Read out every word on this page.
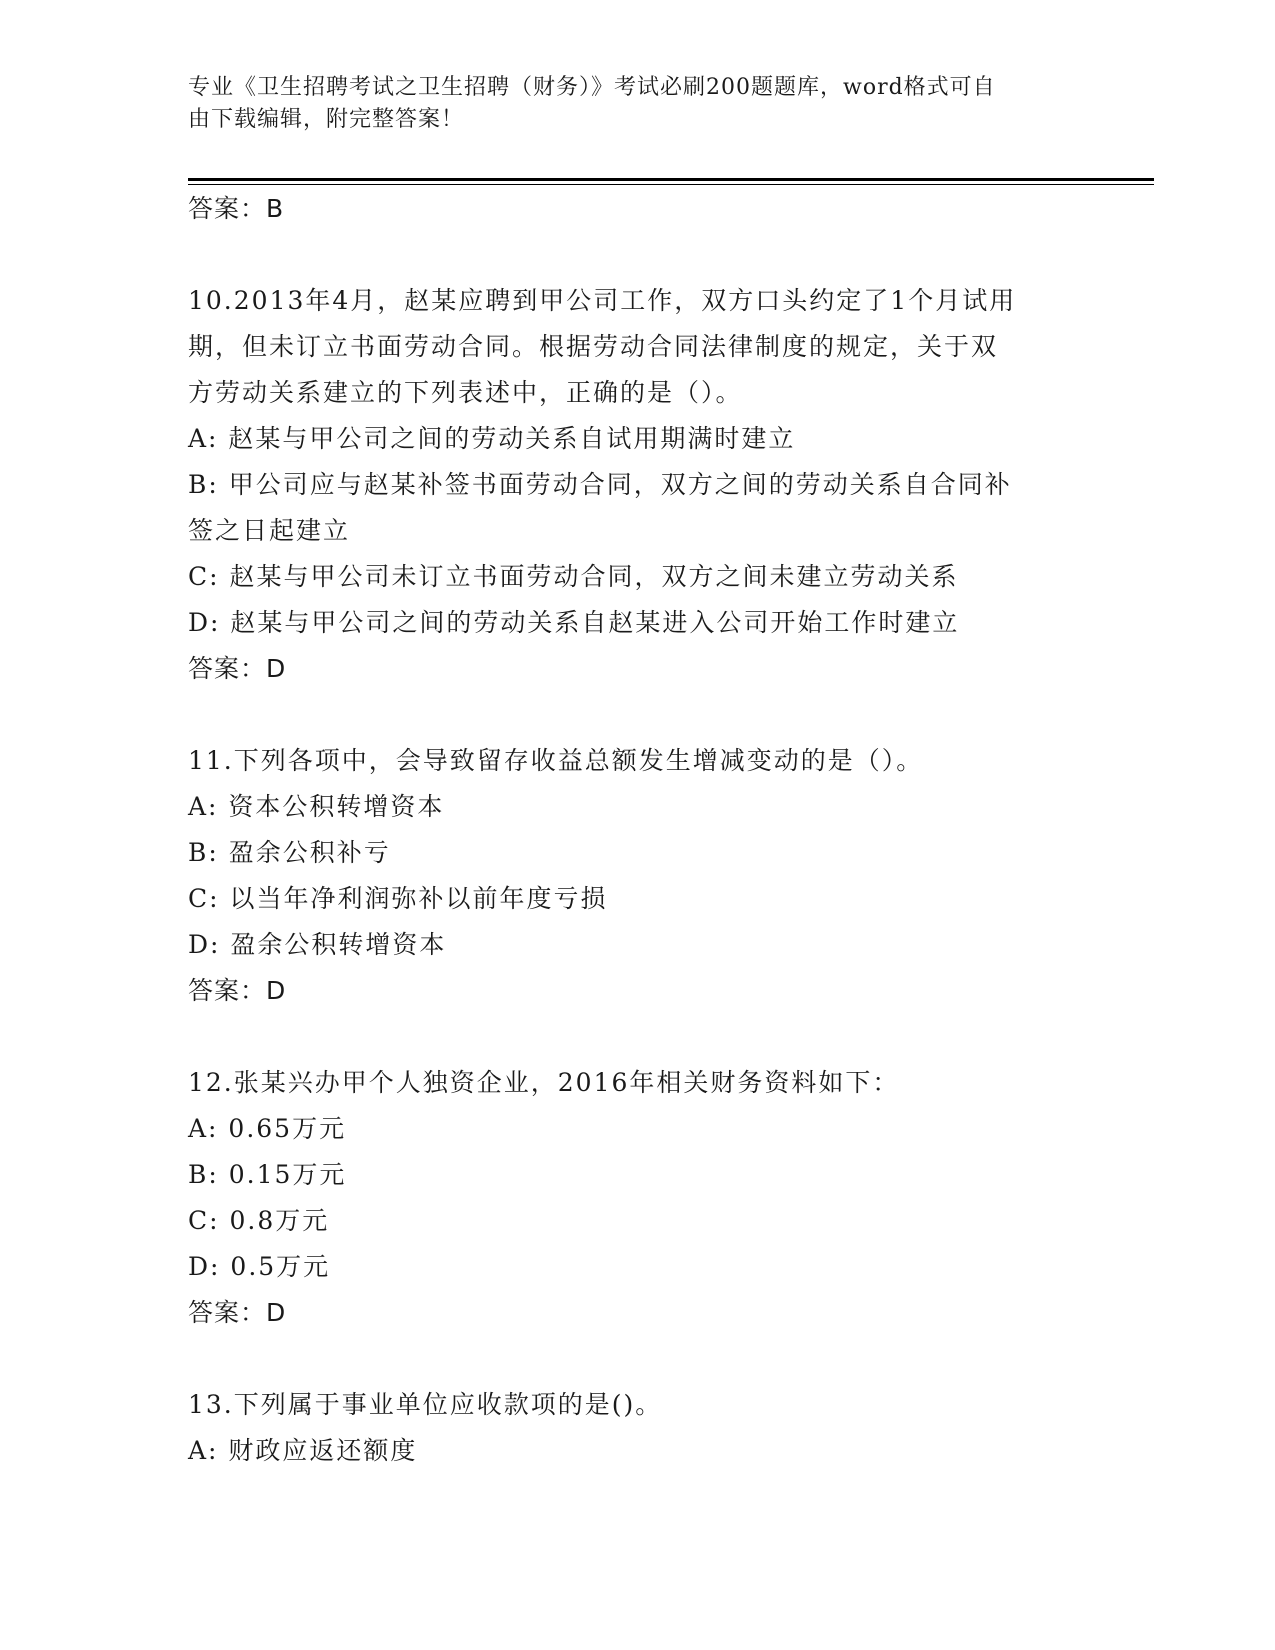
专业《卫生招聘考试之卫生招聘（财务）》考试必刷200题题库，word格式可自
由下载编辑，附完整答案！
答案：B
10.2013年4月，赵某应聘到甲公司工作，双方口头约定了1个月试用
期，但未订立书面劳动合同。根据劳动合同法律制度的规定，关于双
方劳动关系建立的下列表述中，正确的是（）。
A: 赵某与甲公司之间的劳动关系自试用期满时建立
B: 甲公司应与赵某补签书面劳动合同，双方之间的劳动关系自合同补
签之日起建立
C: 赵某与甲公司未订立书面劳动合同，双方之间未建立劳动关系
D: 赵某与甲公司之间的劳动关系自赵某进入公司开始工作时建立
答案：D
11.下列各项中，会导致留存收益总额发生增减变动的是（）。
A: 资本公积转增资本
B: 盈余公积补亏
C: 以当年净利润弥补以前年度亏损
D: 盈余公积转增资本
答案：D
12.张某兴办甲个人独资企业，2016年相关财务资料如下：
A: 0.65万元
B: 0.15万元
C: 0.8万元
D: 0.5万元
答案：D
13.下列属于事业单位应收款项的是()。
A: 财政应返还额度
